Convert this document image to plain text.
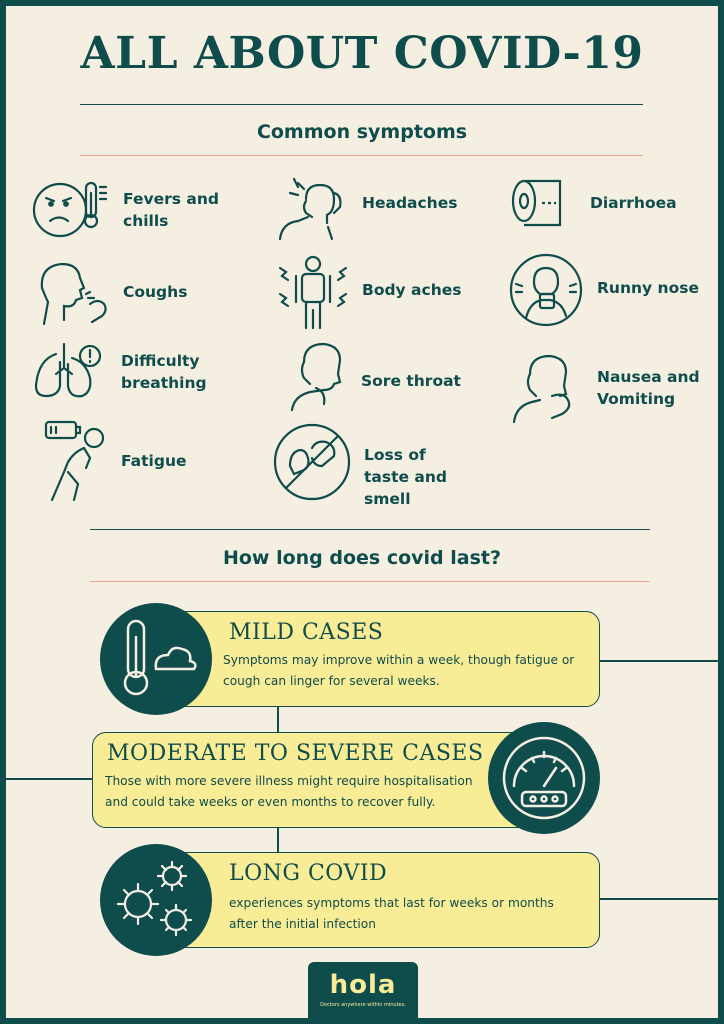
ALL ABOUT COVID-19
Common symptoms
Fevers and chills
Headaches	Diarrhoea
Coughs	Body aches	Runny nose
Difficulty breathing	Sore throat	Nausea and Vomiting
Fatigue	Loss of taste and smell
How long does covid last?
MILD CASES
Symptoms may improve within a week, though fatigue or cough can linger for several weeks.
MODERATE TO SEVERE CASES
Those with more severe illness might require hospitalisation and could take weeks or even months to recover fully.
LONG COVID
experiences symptoms that last for weeks or months after the initial infection
hola
Doctors anywhere within minutes.
